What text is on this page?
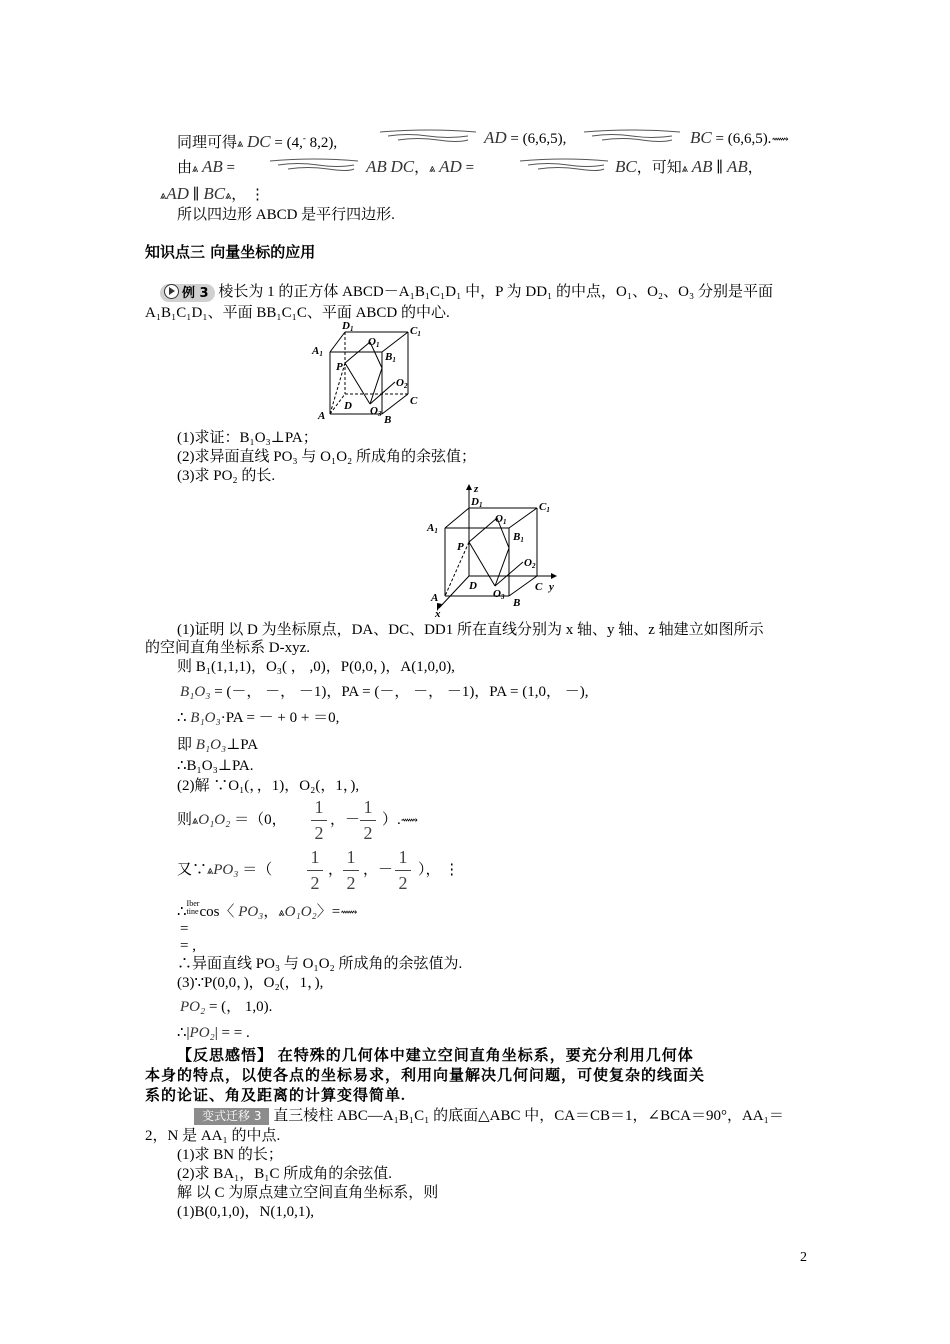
同理可得⩓ DC = (4,- 8,2),	AD = (6,6,5),	BC = (6,6,5).⟿
由⩓ AB =	AB DC，⩓ AD =	BC，可知⩓ AB ∥ AB，
⩓AD ∥ BC⩓， ⋮
所以四边形 ABCD 是平行四边形.
知识点三 向量坐标的应用
例 3 棱长为 1 的正方体 ABCD－A₁B₁C₁D₁ 中，P 为 DD₁ 的中点，O₁、O₂、O₃ 分别是平面
A₁B₁C₁D₁、平面 BB₁C₁C、平面 ABCD 的中心.
D1	C1
A1
O1
B1
P
O2
D	C
A	O3 B
(1)求证：B₁O₃⊥PA；
(2)求异面直线 PO₃ 与 O₁O₂ 所成角的余弦值；
(3)求 PO₂ 的长.
z
D1	C1
A1
O1
B1
P
O2
D	C y
A	O3 B
x
(1)证明 以 D 为坐标原点，DA、DC、DD1 所在直线分别为 x 轴、y 轴、z 轴建立如图所示
的空间直角坐标系 D-xyz.
则 B₁(1,1,1)，O₃( ， ,0)，P(0,0，)，A(1,0,0),
B₁O₃ = (－， －， －1)，PA = (－， －， －1)，PA = (1,0， －),
∴ B₁O₃·PA = － + 0 + ＝0,
即 B₁O₃⊥PA
∴B₁O₃⊥PA.
(2)解 ∵O₁(，，1)，O₂(，1，),
则⩓O₁O₂ ＝（0，
1
2
，－
1
2
）.⟿
又∵⩓PO₃ ＝（
1
2
，
1
2
，－
1
2
）， ⋮
∴Iber
tinecos〈 PO₃，⩓O₁O₂〉=⟿
=
= ,
∴异面直线 PO₃ 与 O₁O₂ 所成角的余弦值为.
(3)∵P(0,0，)，O₂(，1，),
PO₂ = (， 1,0).
∴|PO₂| = = .
【反思感悟】 在特殊的几何体中建立空间直角坐标系，要充分利用几何体
本身的特点，以使各点的坐标易求，利用向量解决几何问题，可使复杂的线面关
系的论证、角及距离的计算变得简单.
变式迁移 3 直三棱柱 ABC—A₁B₁C₁ 的底面△ABC 中，CA＝CB＝1，∠BCA＝90°，AA₁＝
2，N 是 AA₁ 的中点.
(1)求 BN 的长；
(2)求 BA₁，B₁C 所成角的余弦值.
解 以 C 为原点建立空间直角坐标系，则
(1)B(0,1,0)，N(1,0,1),
2
